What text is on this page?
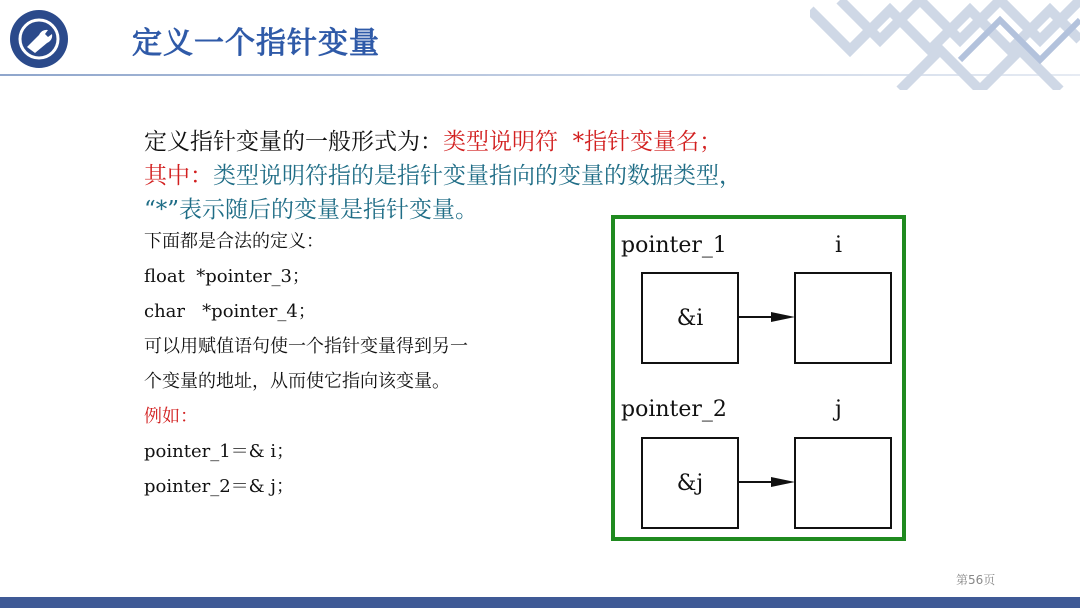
定义一个指针变量
定义指针变量的一般形式为：类型说明符  *指针变量名；
其中：类型说明符指的是指针变量指向的变量的数据类型，
“*”表示随后的变量是指针变量。
下面都是合法的定义：
float  *pointer_3；
char   *pointer_4；
可以用赋值语句使一个指针变量得到另一
个变量的地址，从而使它指向该变量。
例如：
pointer_1＝& i；
pointer_2＝& j；
pointer_1	i
&i
pointer_2	j
&j
第56页
